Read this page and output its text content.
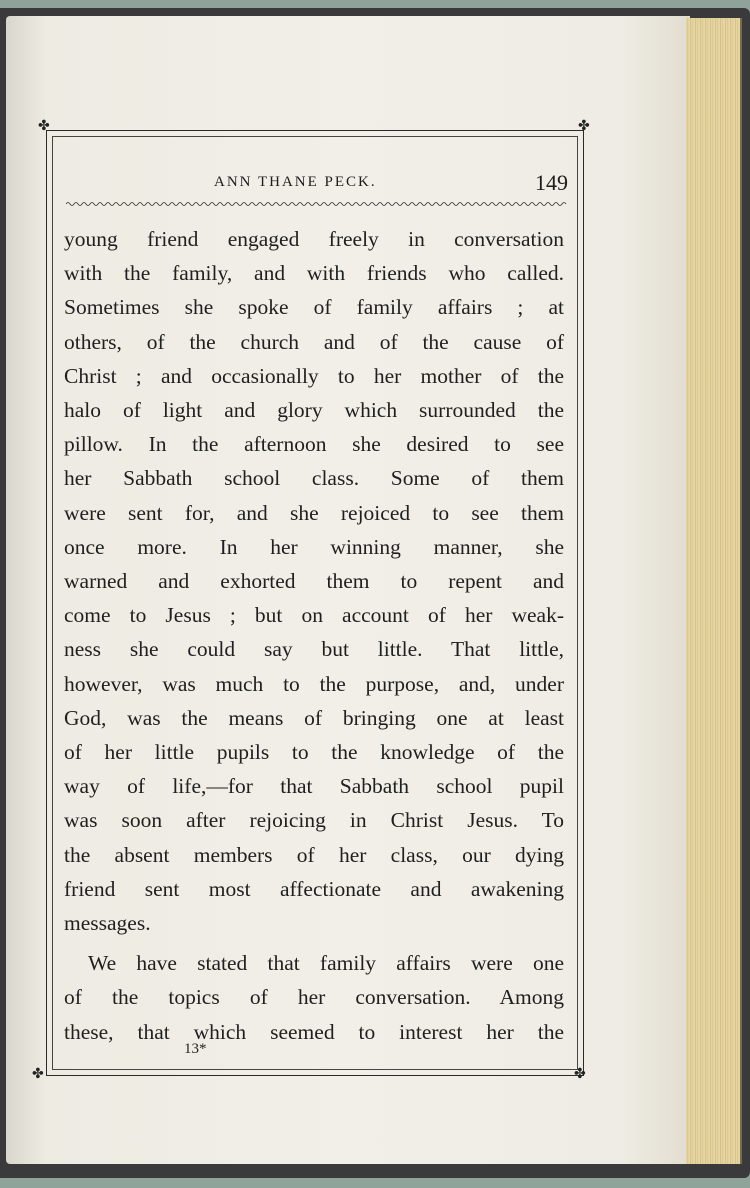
✤	✤
✤	✤
ANN THANE PECK.	149
young friend engaged freely in conversation
with the family, and with friends who called.
Sometimes she spoke of family affairs ; at
others, of the church and of the cause of
Christ ; and occasionally to her mother of the
halo of light and glory which surrounded the
pillow. In the afternoon she desired to see
her Sabbath school class. Some of them
were sent for, and she rejoiced to see them
once more. In her winning manner, she
warned and exhorted them to repent and
come to Jesus ; but on account of her weak-
ness she could say but little. That little,
however, was much to the purpose, and, under
God, was the means of bringing one at least
of her little pupils to the knowledge of the
way of life,—for that Sabbath school pupil
was soon after rejoicing in Christ Jesus. To
the absent members of her class, our dying
friend sent most affectionate and awakening
messages.
We have stated that family affairs were one
of the topics of her conversation. Among
these, that which seemed to interest her the
13*
